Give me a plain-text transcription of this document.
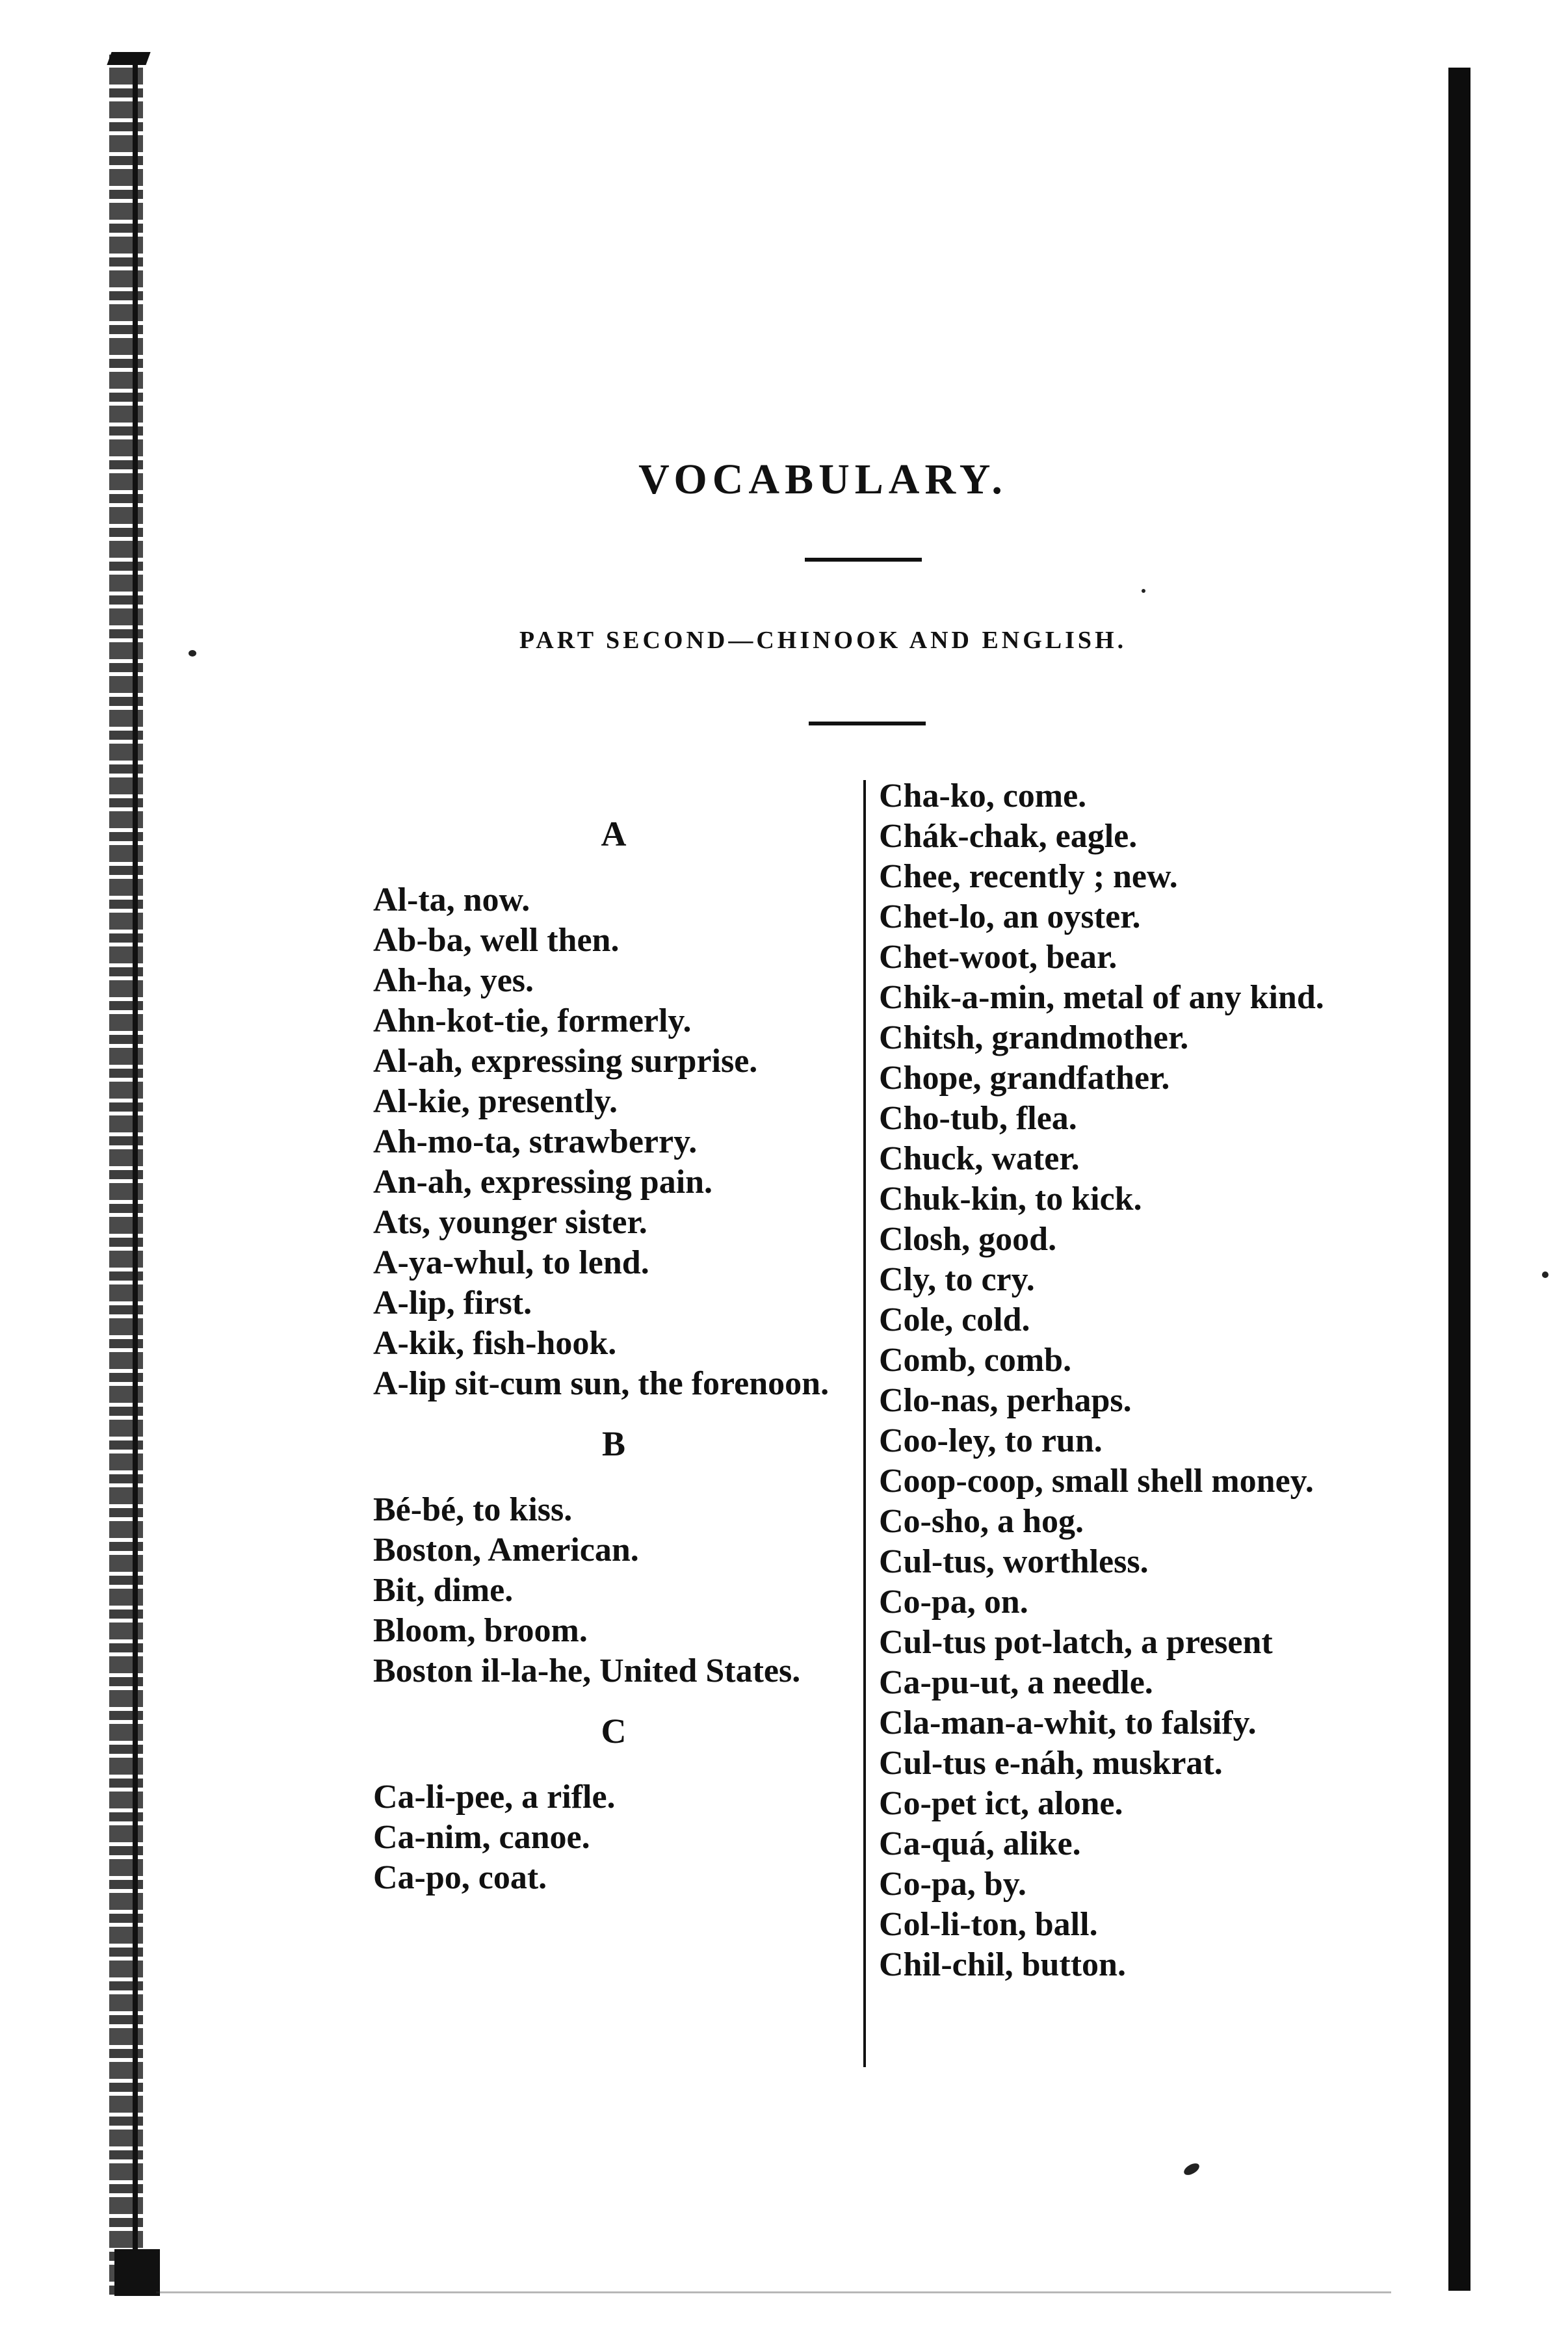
VOCABULARY.
PART SECOND—CHINOOK AND ENGLISH.
A
Al-ta, now.
Ab-ba, well then.
Ah-ha, yes.
Ahn-kot-tie, formerly.
Al-ah, expressing surprise.
Al-kie, presently.
Ah-mo-ta, strawberry.
An-ah, expressing pain.
Ats, younger sister.
A-ya-whul, to lend.
A-lip, first.
A-kik, fish-hook.
A-lip sit-cum sun, the forenoon.
B
Bé-bé, to kiss.
Boston, American.
Bit, dime.
Bloom, broom.
Boston il-la-he, United States.
C
Ca-li-pee, a rifle.
Ca-nim, canoe.
Ca-po, coat.
Cha-ko, come.
Chák-chak, eagle.
Chee, recently ; new.
Chet-lo, an oyster.
Chet-woot, bear.
Chik-a-min, metal of any kind.
Chitsh, grandmother.
Chope, grandfather.
Cho-tub, flea.
Chuck, water.
Chuk-kin, to kick.
Closh, good.
Cly, to cry.
Cole, cold.
Comb, comb.
Clo-nas, perhaps.
Coo-ley, to run.
Coop-coop, small shell money.
Co-sho, a hog.
Cul-tus, worthless.
Co-pa, on.
Cul-tus pot-latch, a present
Ca-pu-ut, a needle.
Cla-man-a-whit, to falsify.
Cul-tus e-náh, muskrat.
Co-pet ict, alone.
Ca-quá, alike.
Co-pa, by.
Col-li-ton, ball.
Chil-chil, button.
